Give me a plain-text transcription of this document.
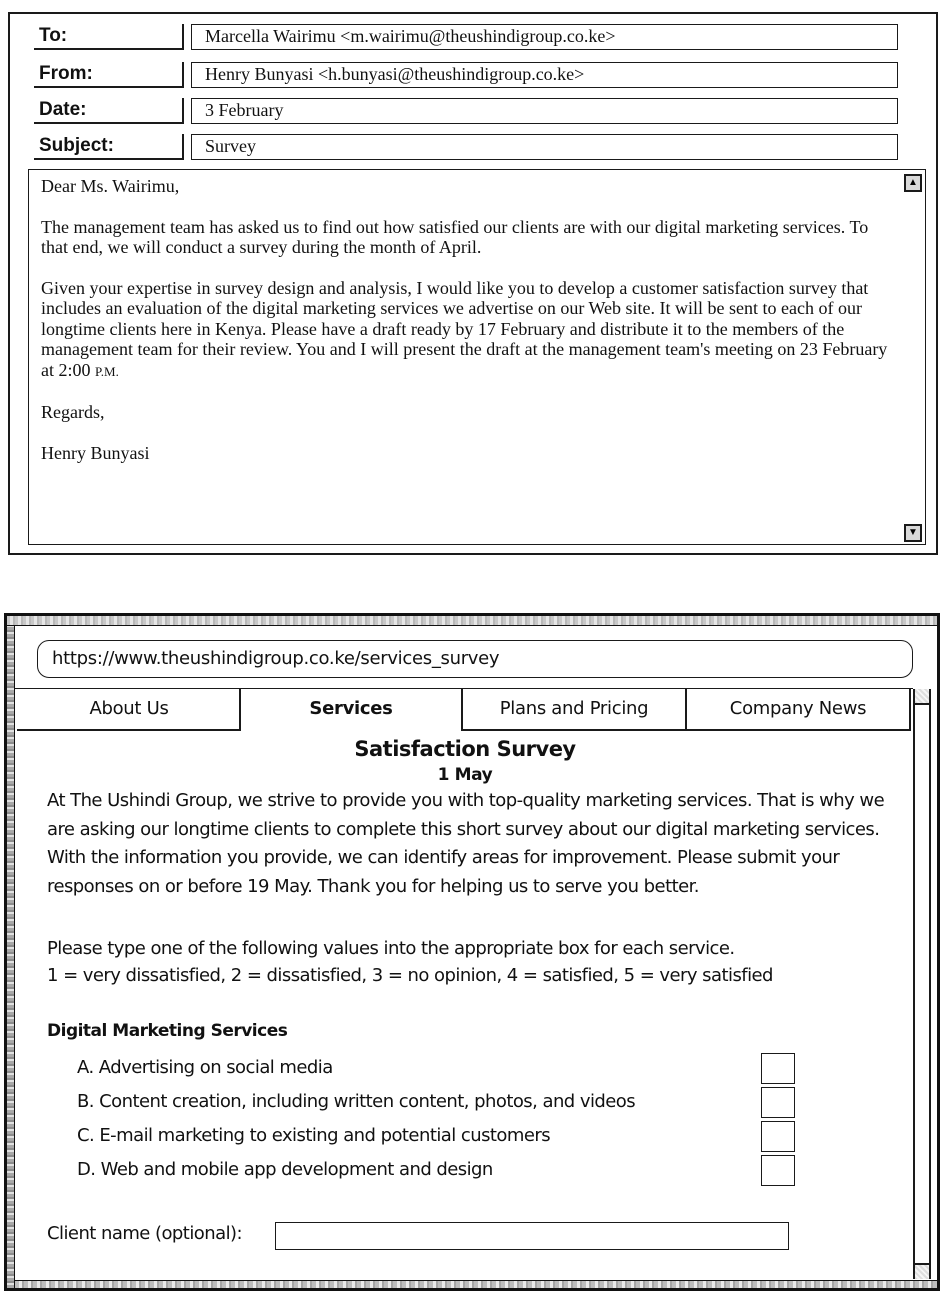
To:	Marcella Wairimu <m.wairimu@theushindigroup.co.ke>
From:	Henry Bunyasi <h.bunyasi@theushindigroup.co.ke>
Date:	3 February
Subject:	Survey

Dear Ms. Wairimu,

The management team has asked us to find out how satisfied our clients are with our digital marketing services. To that end, we will conduct a survey during the month of April.

Given your expertise in survey design and analysis, I would like you to develop a customer satisfaction survey that includes an evaluation of the digital marketing services we advertise on our Web site. It will be sent to each of our longtime clients here in Kenya. Please have a draft ready by 17 February and distribute it to the members of the management team for their review. You and I will present the draft at the management team's meeting on 23 February at 2:00 P.M.

Regards,

Henry Bunyasi

▲
▼
https://www.theushindigroup.co.ke/services_survey
About Us	Services	Plans and Pricing	Company News
Satisfaction Survey
1 May
At The Ushindi Group, we strive to provide you with top-quality marketing services. That is why we are asking our longtime clients to complete this short survey about our digital marketing services. With the information you provide, we can identify areas for improvement. Please submit your responses on or before 19 May. Thank you for helping us to serve you better.
Please type one of the following values into the appropriate box for each service.
1 = very dissatisfied, 2 = dissatisfied, 3 = no opinion, 4 = satisfied, 5 = very satisfied
Digital Marketing Services
A. Advertising on social media
B. Content creation, including written content, photos, and videos
C. E-mail marketing to existing and potential customers
D. Web and mobile app development and design
Client name (optional):
